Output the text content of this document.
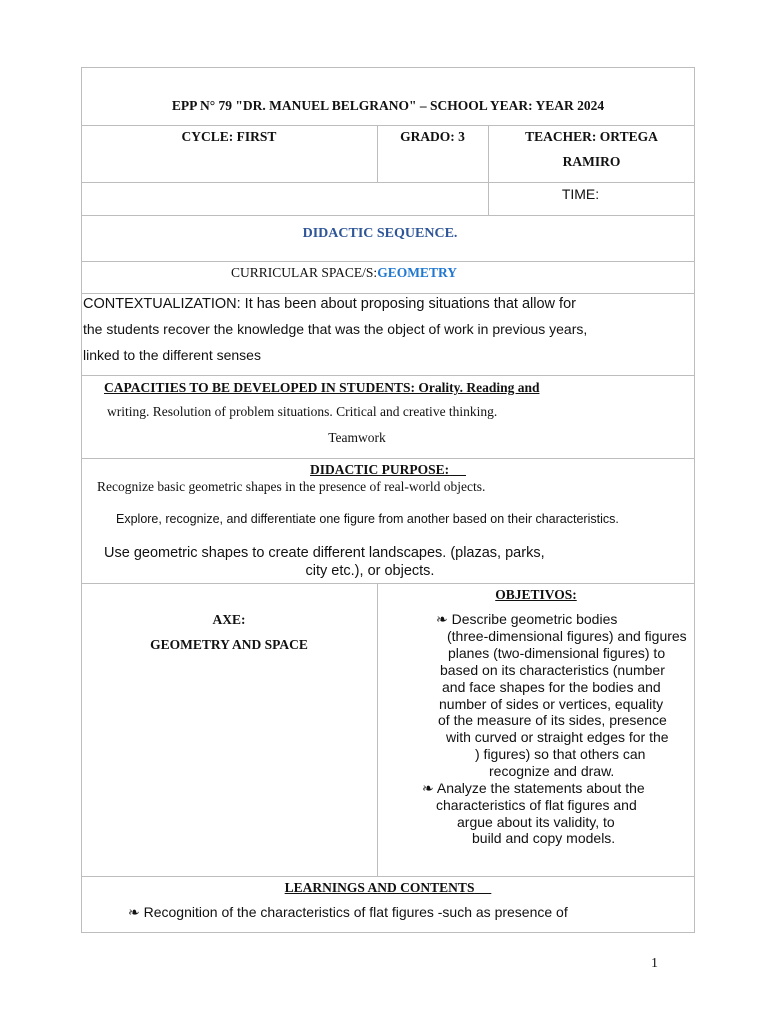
EPP N° 79 "DR. MANUEL BELGRANO" – SCHOOL YEAR: YEAR 2024
CYCLE: FIRST	GRADO: 3	TEACHER: ORTEGA
RAMIRO
TIME:
DIDACTIC SEQUENCE.
CURRICULAR SPACE/S:GEOMETRY
CONTEXTUALIZATION: It has been about proposing situations that allow for
the students recover the knowledge that was the object of work in previous years,
linked to the different senses
CAPACITIES TO BE DEVELOPED IN STUDENTS: Orality. Reading and
writing. Resolution of problem situations. Critical and creative thinking.
Teamwork
DIDACTIC PURPOSE:
Recognize basic geometric shapes in the presence of real-world objects.
Explore, recognize, and differentiate one figure from another based on their characteristics.
Use geometric shapes to create different landscapes. (plazas, parks,
city etc.), or objects.
AXE:
GEOMETRY AND SPACE
OBJETIVOS:
❧ Describe geometric bodies
(three-dimensional figures) and figures
planes (two-dimensional figures) to
based on its characteristics (number
and face shapes for the bodies and
number of sides or vertices, equality
of the measure of its sides, presence
with curved or straight edges for the
) figures) so that others can
recognize and draw.
❧ Analyze the statements about the
characteristics of flat figures and
argue about its validity, to
build and copy models.
LEARNINGS AND CONTENTS
❧ Recognition of the characteristics of flat figures -such as presence of
1
